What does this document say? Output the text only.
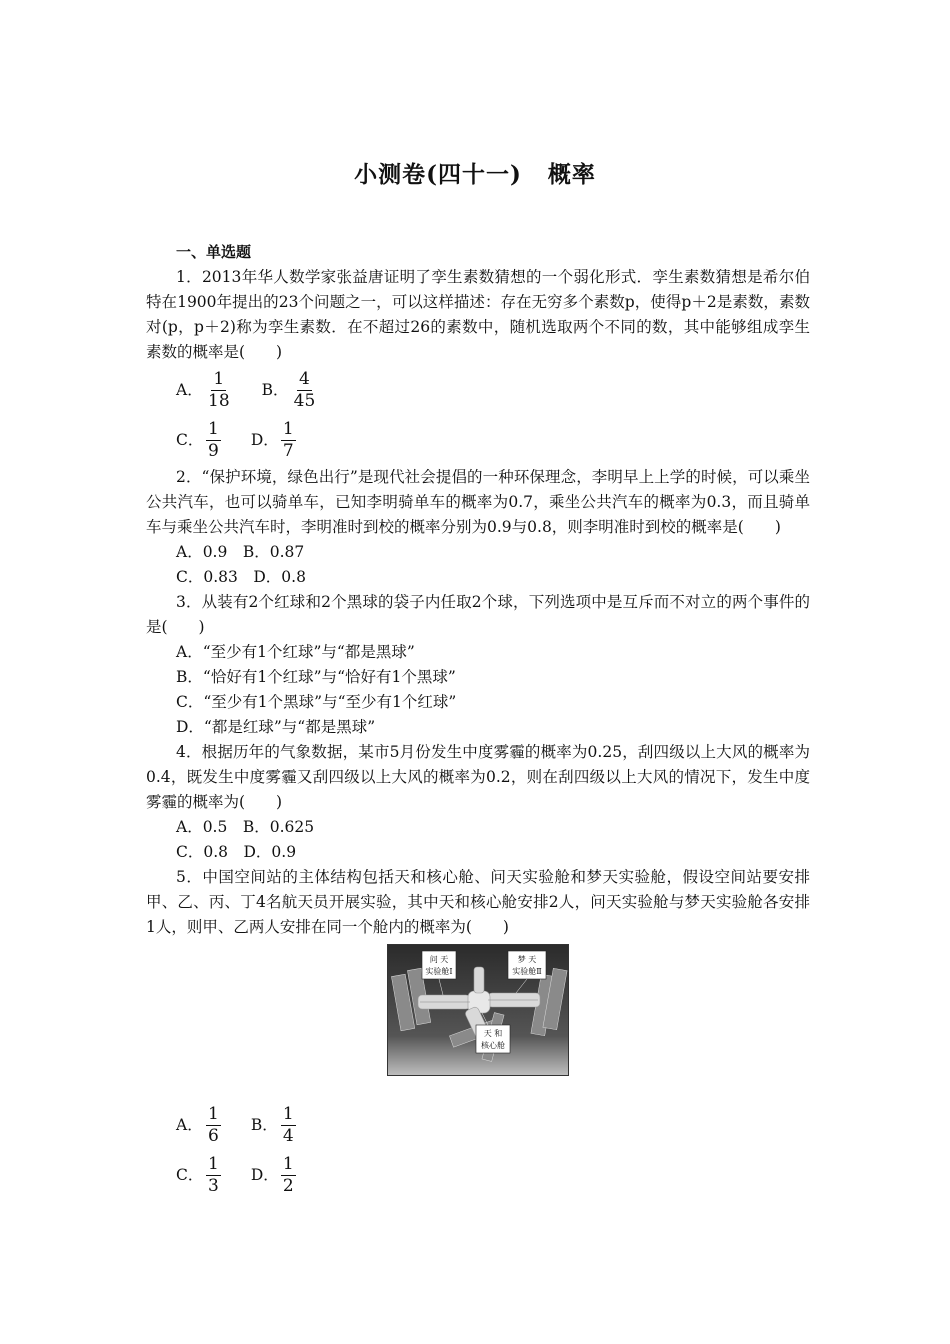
小测卷(四十一) 概率
一、单选题
1．2013年华人数学家张益唐证明了孪生素数猜想的一个弱化形式．孪生素数猜想是希尔伯特在1900年提出的23个问题之一，可以这样描述：存在无穷多个素数p，使得p＋2是素数，素数对(p，p＋2)称为孪生素数．在不超过26的素数中，随机选取两个不同的数，其中能够组成孪生素数的概率是(　　)
A． $\frac{1}{18}$ B． $\frac{4}{45}$
C． $\frac{1}{9}$ D． $\frac{1}{7}$
2．“保护环境，绿色出行”是现代社会提倡的一种环保理念，李明早上上学的时候，可以乘坐公共汽车，也可以骑单车，已知李明骑单车的概率为0.7，乘坐公共汽车的概率为0.3，而且骑单车与乘坐公共汽车时，李明准时到校的概率分别为0.9与0.8，则李明准时到校的概率是(　　)
A．0.9　B．0.87
C．0.83　D．0.8
3．从装有2个红球和2个黑球的袋子内任取2个球，下列选项中是互斥而不对立的两个事件的是(　　)
A．“至少有1个红球”与“都是黑球”
B．“恰好有1个红球”与“恰好有1个黑球”
C．“至少有1个黑球”与“至少有1个红球”
D．“都是红球”与“都是黑球”
4．根据历年的气象数据，某市5月份发生中度雾霾的概率为0.25，刮四级以上大风的概率为0.4，既发生中度雾霾又刮四级以上大风的概率为0.2，则在刮四级以上大风的情况下，发生中度雾霾的概率为(　　)
A．0.5　B．0.625
C．0.8　D．0.9
5．中国空间站的主体结构包括天和核心舱、问天实验舱和梦天实验舱，假设空间站要安排甲、乙、丙、丁4名航天员开展实验，其中天和核心舱安排2人，问天实验舱与梦天实验舱各安排1人，则甲、乙两人安排在同一个舱内的概率为(　　)
问 天
实验舱Ⅰ
梦 天
实验舱Ⅱ
天 和
核心舱
A． $\frac{1}{6}$ B． $\frac{1}{4}$
C． $\frac{1}{3}$ D． $\frac{1}{2}$
